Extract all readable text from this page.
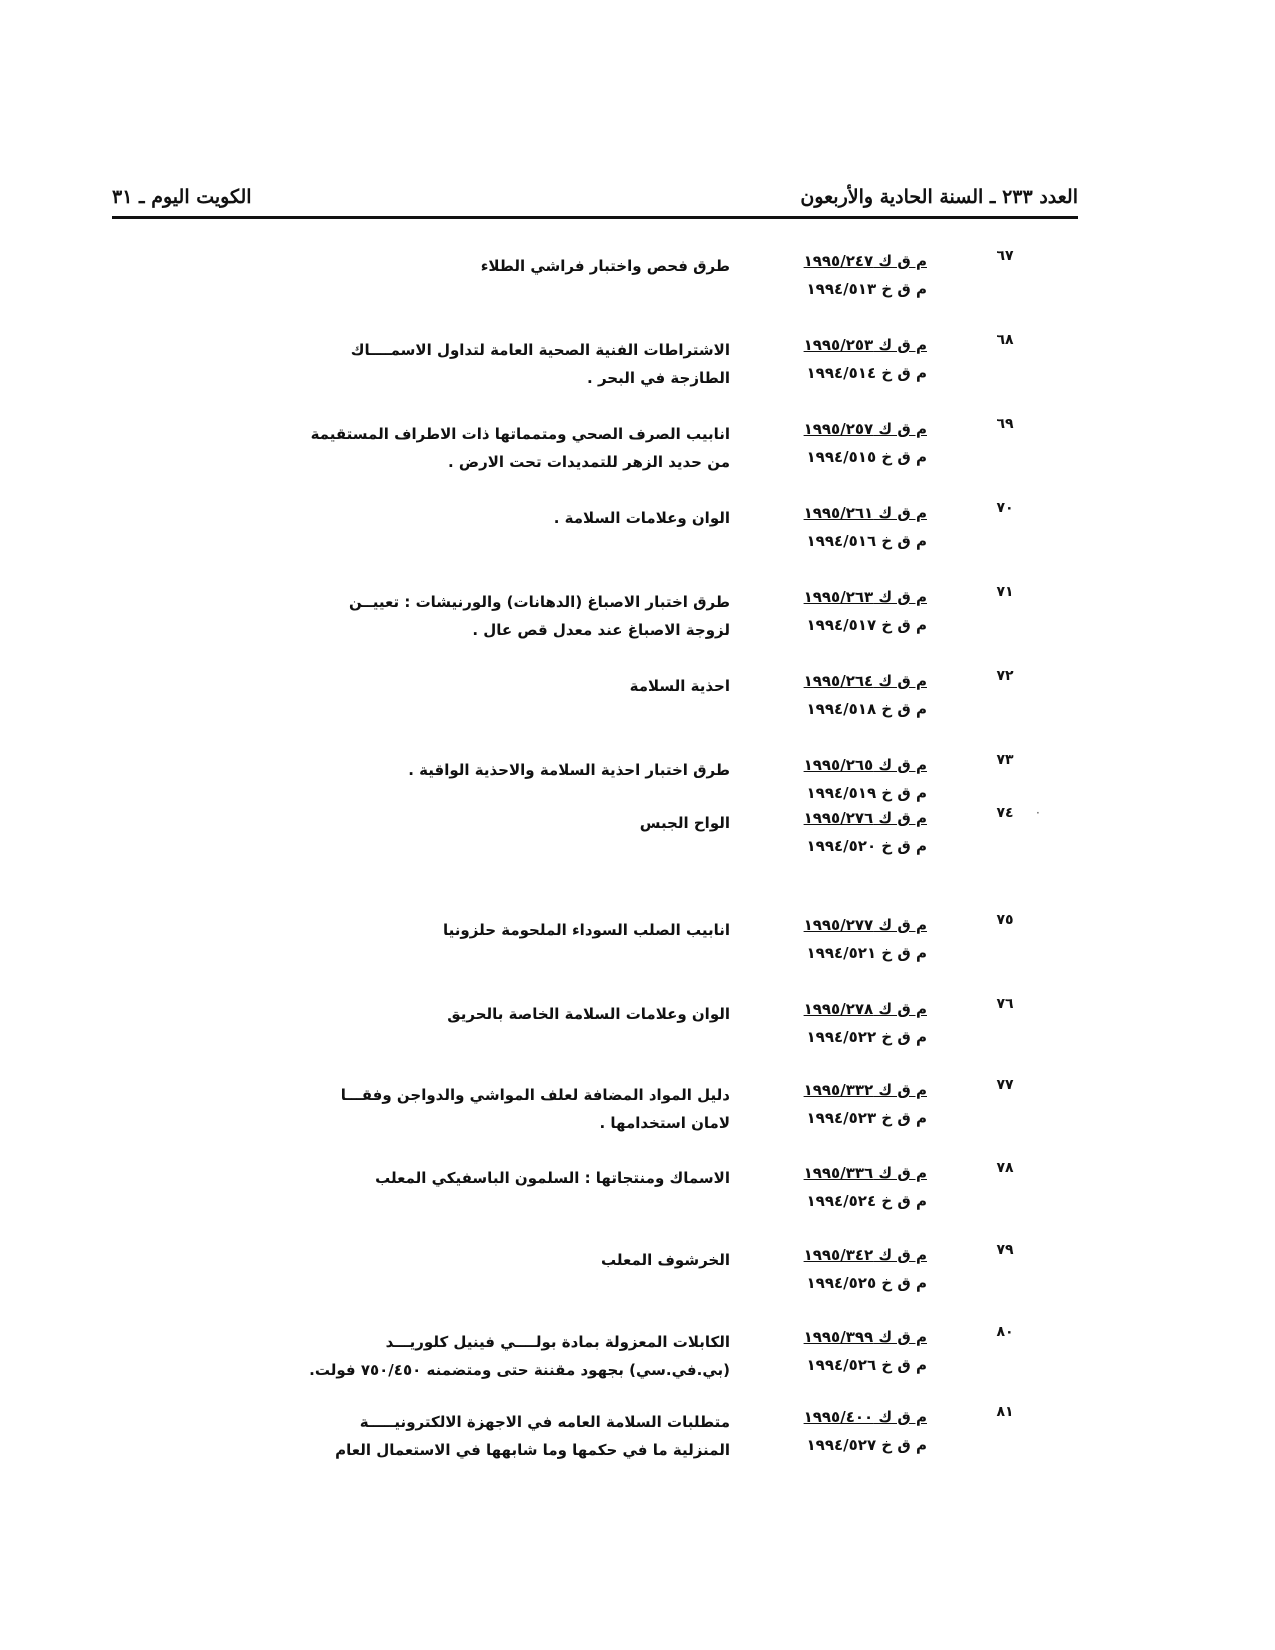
العدد ٢٣٣ ـ السنة الحادية والأربعون
الكويت اليوم ـ ٣١
٦٧
م ق ك ١٩٩٥/٢٤٧
م ق خ ١٩٩٤/٥١٣
طرق فحص واختبار فراشي الطلاء
٦٨
م ق ك ١٩٩٥/٢٥٣
م ق خ ١٩٩٤/٥١٤
الاشتراطات الفنية الصحية العامة لتداول الاسمــــاك
الطازجة في البحر .
٦٩
م ق ك ١٩٩٥/٢٥٧
م ق خ ١٩٩٤/٥١٥
انابيب الصرف الصحي ومتمماتها ذات الاطراف المستقيمة
من حديد الزهر للتمديدات تحت الارض .
٧٠
م ق ك ١٩٩٥/٢٦١
م ق خ ١٩٩٤/٥١٦
الوان وعلامات السلامة .
٧١
م ق ك ١٩٩٥/٢٦٣
م ق خ ١٩٩٤/٥١٧
طرق اختبار الاصباغ (الدهانات) والورنيشات : تعييــن
لزوجة الاصباغ عند معدل قص عال .
٧٢
م ق ك ١٩٩٥/٢٦٤
م ق خ ١٩٩٤/٥١٨
احذية السلامة
٧٣
م ق ك ١٩٩٥/٢٦٥
م ق خ ١٩٩٤/٥١٩
طرق اختبار احذية السلامة والاحذية الواقية .
٧٤
م ق ك ١٩٩٥/٢٧٦
م ق خ ١٩٩٤/٥٢٠
الواح الجبس
٧٥
م ق ك ١٩٩٥/٢٧٧
م ق خ ١٩٩٤/٥٢١
انابيب الصلب السوداء الملحومة حلزونيا
٧٦
م ق ك ١٩٩٥/٢٧٨
م ق خ ١٩٩٤/٥٢٢
الوان وعلامات السلامة الخاصة بالحريق
٧٧
م ق ك ١٩٩٥/٣٣٢
م ق خ ١٩٩٤/٥٢٣
دليل المواد المضافة لعلف المواشي والدواجن وفقـــا
لامان استخدامها .
٧٨
م ق ك ١٩٩٥/٣٣٦
م ق خ ١٩٩٤/٥٢٤
الاسماك ومنتجاتها : السلمون الباسفيكي المعلب
٧٩
م ق ك ١٩٩٥/٣٤٢
م ق خ ١٩٩٤/٥٢٥
الخرشوف المعلب
٨٠
م ق ك ١٩٩٥/٣٩٩
م ق خ ١٩٩٤/٥٢٦
الكابلات المعزولة بمادة بولــــي فينيل كلوريـــد
(بي.في.سي) بجهود مقننة حتى ومتضمنه ٧٥٠/٤٥٠ فولت.
٨١
م ق ك ١٩٩٥/٤٠٠
م ق خ ١٩٩٤/٥٢٧
متطلبات السلامة العامه في الاجهزة الالكترونيـــــة
المنزلية ما في حكمها وما شابهها في الاستعمال العام
·
